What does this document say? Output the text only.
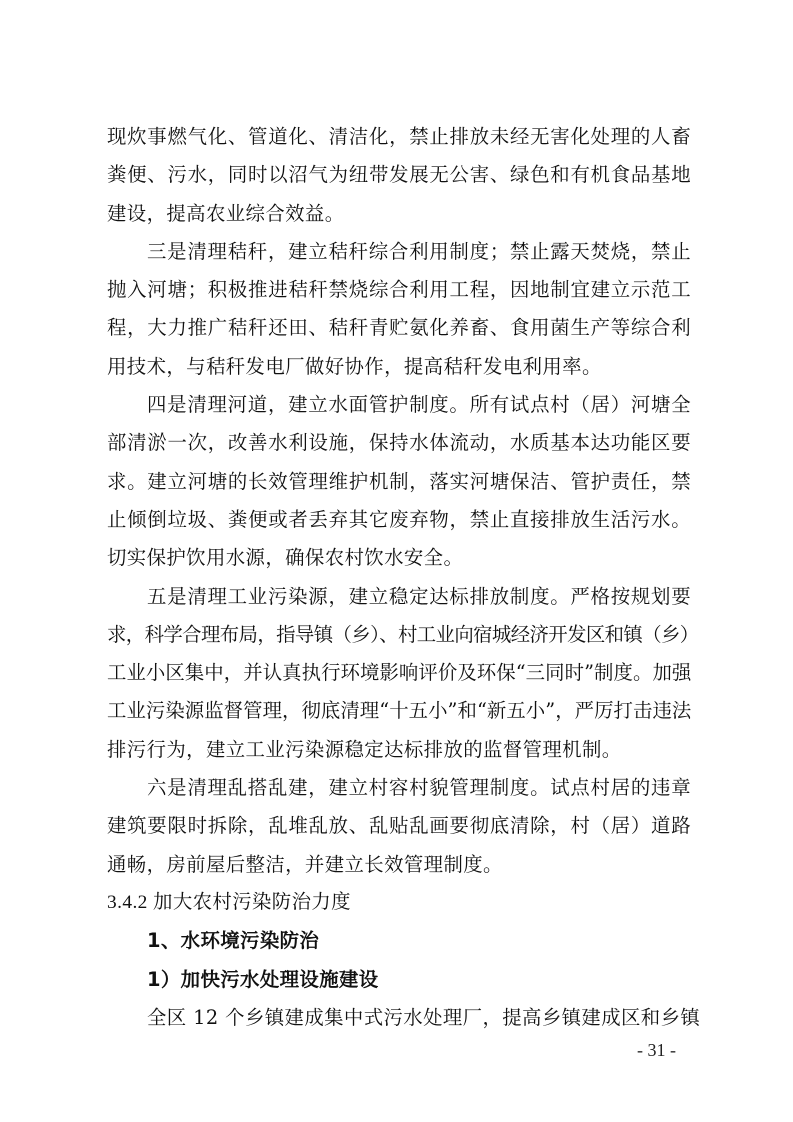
现炊事燃气化、管道化、清洁化，禁止排放未经无害化处理的人畜
粪便、污水，同时以沼气为纽带发展无公害、绿色和有机食品基地
建设，提高农业综合效益。
三是清理秸秆，建立秸秆综合利用制度；禁止露天焚烧，禁止
抛入河塘；积极推进秸秆禁烧综合利用工程，因地制宜建立示范工
程，大力推广秸秆还田、秸秆青贮氨化养畜、食用菌生产等综合利
用技术，与秸秆发电厂做好协作，提高秸秆发电利用率。
四是清理河道，建立水面管护制度。所有试点村（居）河塘全
部清淤一次，改善水利设施，保持水体流动，水质基本达功能区要
求。建立河塘的长效管理维护机制，落实河塘保洁、管护责任，禁
止倾倒垃圾、粪便或者丢弃其它废弃物，禁止直接排放生活污水。
切实保护饮用水源，确保农村饮水安全。
五是清理工业污染源，建立稳定达标排放制度。严格按规划要
求，科学合理布局，指导镇（乡）、村工业向宿城经济开发区和镇（乡）
工业小区集中，并认真执行环境影响评价及环保“三同时”制度。加强
工业污染源监督管理，彻底清理“十五小”和“新五小”，严厉打击违法
排污行为，建立工业污染源稳定达标排放的监督管理机制。
六是清理乱搭乱建，建立村容村貌管理制度。试点村居的违章
建筑要限时拆除，乱堆乱放、乱贴乱画要彻底清除，村（居）道路
通畅，房前屋后整洁，并建立长效管理制度。
3.4.2 加大农村污染防治力度
1、水环境污染防治
1）加快污水处理设施建设
全区 12 个乡镇建成集中式污水处理厂，提高乡镇建成区和乡镇
- 31 -
